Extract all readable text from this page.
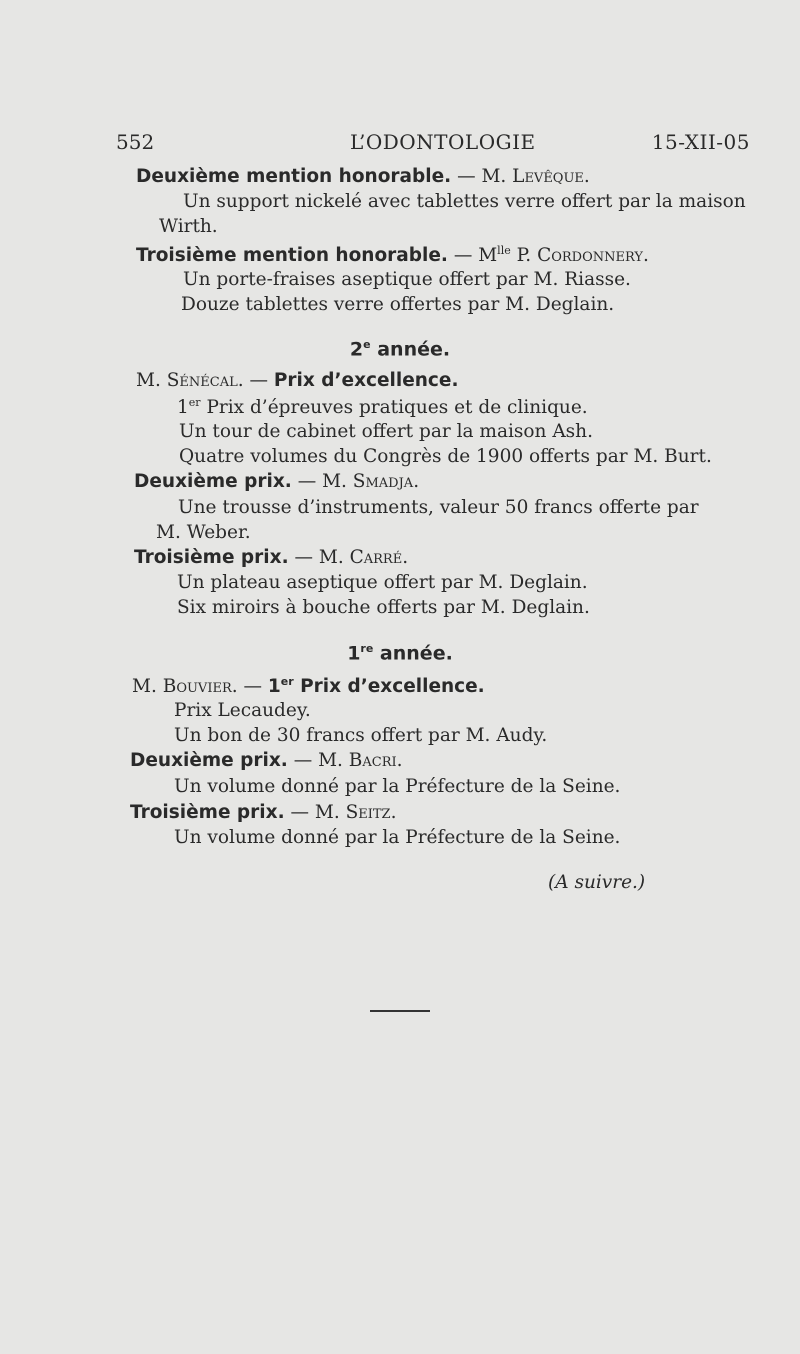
552	L’ODONTOLOGIE	15-XII-05
Deuxième mention honorable. — M. Levêque.
Un support nickelé avec tablettes verre offert par la maison
Wirth.
Troisième mention honorable. — $M^{lle}$ P. Cordonnery.
Un porte-fraises aseptique offert par M. Riasse.
Douze tablettes verre offertes par M. Deglain.
2e année.
M. Sénécal. — Prix d’excellence.
1er Prix d’épreuves pratiques et de clinique.
Un tour de cabinet offert par la maison Ash.
Quatre volumes du Congrès de 1900 offerts par M. Burt.
Deuxième prix. — M. Smadja.
Une trousse d’instruments, valeur 50 francs offerte par
M. Weber.
Troisième prix. — M. Carré.
Un plateau aseptique offert par M. Deglain.
Six miroirs à bouche offerts par M. Deglain.
1re année.
M. Bouvier. — 1er Prix d’excellence.
Prix Lecaudey.
Un bon de 30 francs offert par M. Audy.
Deuxième prix. — M. Bacri.
Un volume donné par la Préfecture de la Seine.
Troisième prix. — M. Seitz.
Un volume donné par la Préfecture de la Seine.
(A suivre.)
